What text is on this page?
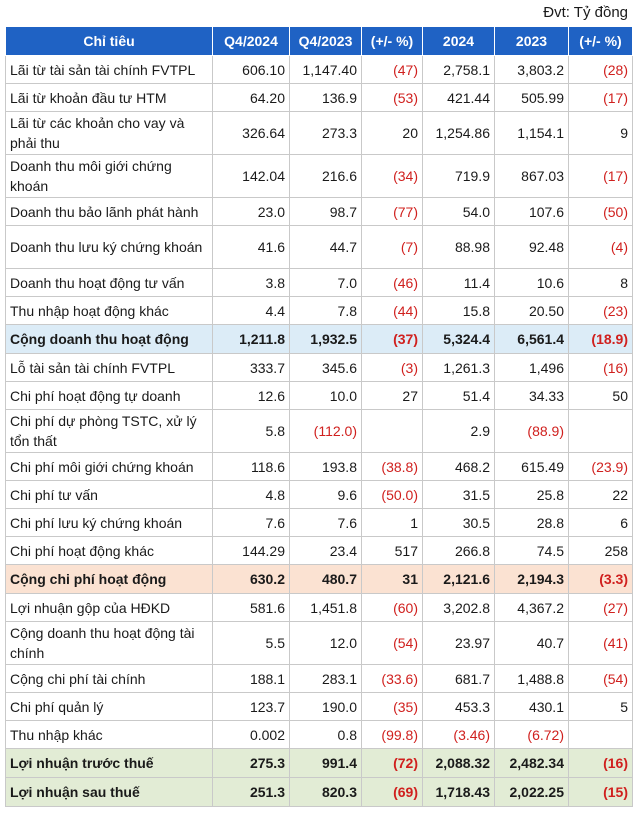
Đvt: Tỷ đồng
Chỉ tiêu	Q4/2024	Q4/2023	(+/- %)	2024	2023	(+/- %)
Lãi từ tài sản tài chính FVTPL	606.10	1,147.40	(47)	2,758.1	3,803.2	(28)
Lãi từ khoản đầu tư HTM	64.20	136.9	(53)	421.44	505.99	(17)
Lãi từ các khoản cho vay và phải thu	326.64	273.3	20	1,254.86	1,154.1	9
Doanh thu môi giới chứng khoán	142.04	216.6	(34)	719.9	867.03	(17)
Doanh thu bảo lãnh phát hành	23.0	98.7	(77)	54.0	107.6	(50)
Doanh thu lưu ký chứng khoán	41.6	44.7	(7)	88.98	92.48	(4)
Doanh thu hoạt động tư vấn	3.8	7.0	(46)	11.4	10.6	8
Thu nhập hoạt động khác	4.4	7.8	(44)	15.8	20.50	(23)
Cộng doanh thu hoạt động	1,211.8	1,932.5	(37)	5,324.4	6,561.4	(18.9)
Lỗ tài sản tài chính FVTPL	333.7	345.6	(3)	1,261.3	1,496	(16)
Chi phí hoạt động tự doanh	12.6	10.0	27	51.4	34.33	50
Chi phí dự phòng TSTC, xử lý tổn thất	5.8	(112.0)		2.9	(88.9)	
Chi phí môi giới chứng khoán	118.6	193.8	(38.8)	468.2	615.49	(23.9)
Chi phí tư vấn	4.8	9.6	(50.0)	31.5	25.8	22
Chi phí lưu ký chứng khoán	7.6	7.6	1	30.5	28.8	6
Chi phí hoạt động khác	144.29	23.4	517	266.8	74.5	258
Cộng chi phí hoạt động	630.2	480.7	31	2,121.6	2,194.3	(3.3)
Lợi nhuận gộp của HĐKD	581.6	1,451.8	(60)	3,202.8	4,367.2	(27)
Cộng doanh thu hoạt động tài chính	5.5	12.0	(54)	23.97	40.7	(41)
Cộng chi phí tài chính	188.1	283.1	(33.6)	681.7	1,488.8	(54)
Chi phí quản lý	123.7	190.0	(35)	453.3	430.1	5
Thu nhập khác	0.002	0.8	(99.8)	(3.46)	(6.72)	
Lợi nhuận trước thuế	275.3	991.4	(72)	2,088.32	2,482.34	(16)
Lợi nhuận sau thuế	251.3	820.3	(69)	1,718.43	2,022.25	(15)
